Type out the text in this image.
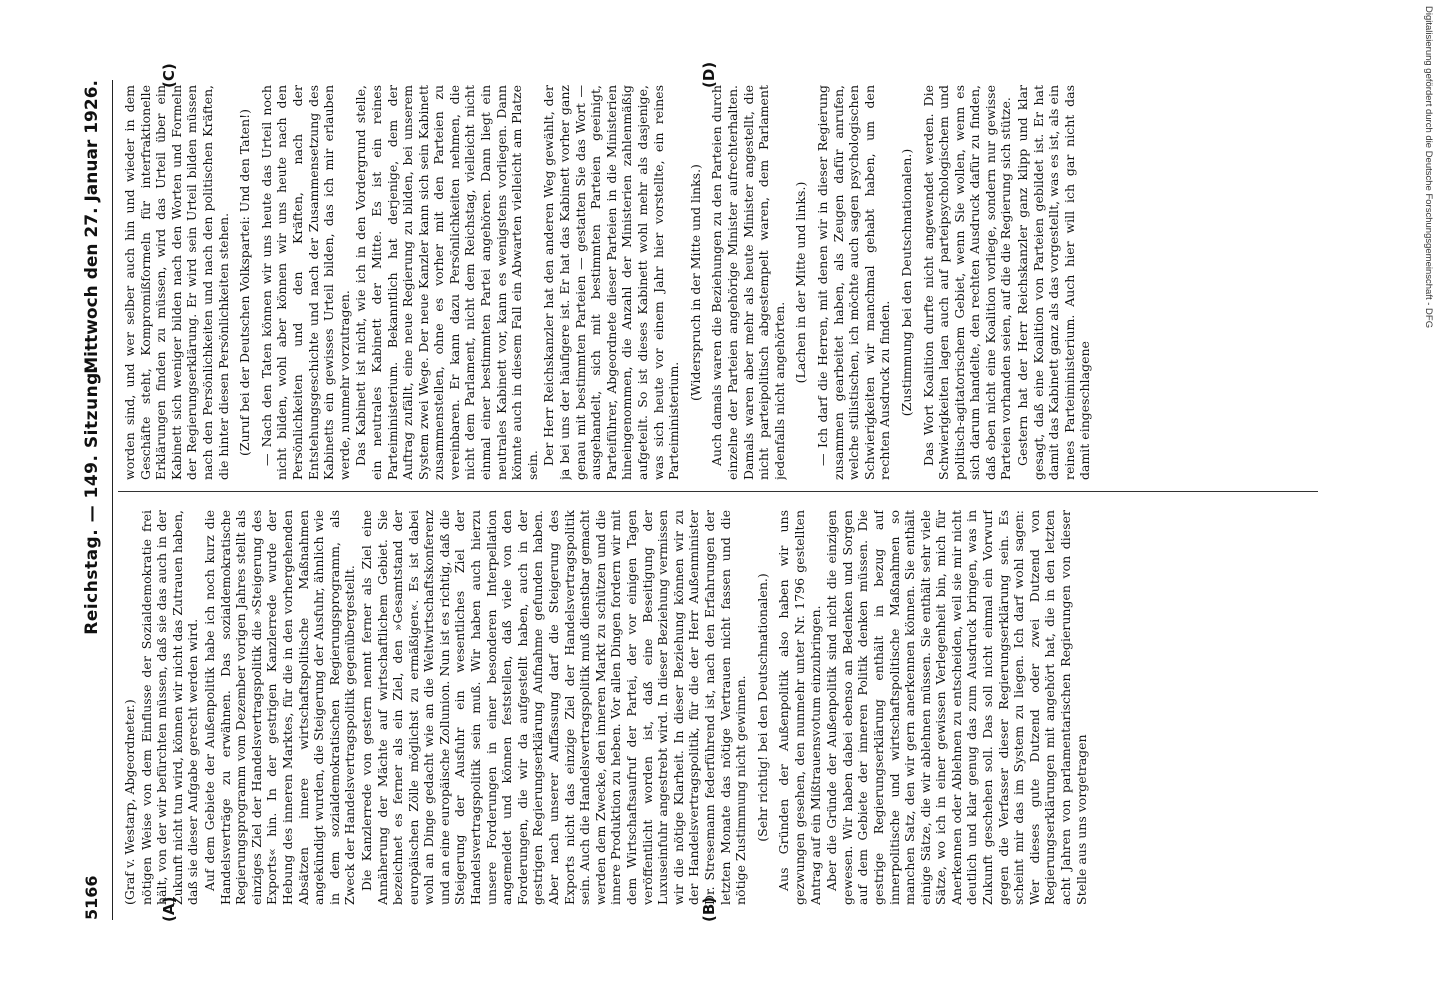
5166
Reichstag. — 149. Sitzung.
Mittwoch den 27. Januar 1926.
(A)	(B)
(C)	(D)

(Graf v. Westarp, Abgeordneter.) nötigen Weise von dem Einflusse der Sozialdemokratie frei hält, von der wir befürchten müssen, daß sie das auch in der Zukunft nicht tun wird, können wir nicht das Zutrauen haben, daß sie dieser Aufgabe gerecht werden wird. Auf dem Gebiete der Außenpolitik habe ich noch kurz die Handelsverträge zu erwähnen. Das sozialdemokratische Regierungsprogramm vom Dezember vorigen Jahres stellt als einziges Ziel der Handelsvertragspolitik die »Steigerung des Exports« hin. In der gestrigen Kanzlerrede wurde der Hebung des inneren Marktes, für die in den vorhergehenden Absätzen innere wirtschaftspolitische Maßnahmen angekündigt wurden, die Steigerung der Ausfuhr, ähnlich wie in dem sozialdemokratischen Regierungsprogramm, als Zweck der Handelsvertragspolitik gegenübergestellt. Die Kanzlerrede von gestern nennt ferner als Ziel eine Annäherung der Mächte auf wirtschaftlichem Gebiet. Sie bezeichnet es ferner als ein Ziel, den »Gesamtstand der europäischen Zölle möglichst zu ermäßigen«. Es ist dabei wohl an Dinge gedacht wie an die Weltwirtschaftskonferenz und an eine europäische Zollunion. Nun ist es richtig, daß die Steigerung der Ausfuhr ein wesentliches Ziel der Handelsvertragspolitik sein muß. Wir haben auch hierzu unsere Forderungen in einer besonderen Interpellation angemeldet und können feststellen, daß viele von den Forderungen, die wir da aufgestellt haben, auch in der gestrigen Regierungserklärung Aufnahme gefunden haben. Aber nach unserer Auffassung darf die Steigerung des Exports nicht das einzige Ziel der Handelsvertragspolitik sein. Auch die Handelsvertragspolitik muß dienstbar gemacht werden dem Zwecke, den inneren Markt zu schützen und die innere Produktion zu heben. Vor allen Dingen fordern wir mit dem Wirtschaftsaufruf der Partei, der vor einigen Tagen veröffentlicht worden ist, daß eine Beseitigung der Luxuseinfuhr angestrebt wird. In dieser Beziehung vermissen wir die nötige Klarheit. In dieser Beziehung können wir zu der Handelsvertragspolitik, für die der Herr Außenminister Dr. Stresemann federführend ist, nach den Erfahrungen der letzten Monate das nötige Vertrauen nicht fassen und die nötige Zustimmung nicht gewinnen. (Sehr richtig! bei den Deutschnationalen.) Aus Gründen der Außenpolitik also haben wir uns gezwungen gesehen, den nunmehr unter Nr. 1796 gestellten Antrag auf ein Mißtrauensvotum einzubringen. Aber die Gründe der Außenpolitik sind nicht die einzigen gewesen. Wir haben dabei ebenso an Bedenken und Sorgen auf dem Gebiete der inneren Politik denken müssen. Die gestrige Regierungserklärung enthält in bezug auf innerpolitische und wirtschaftspolitische Maßnahmen so manchen Satz, den wir gern anerkennen können. Sie enthält einige Sätze, die wir ablehnen müssen. Sie enthält sehr viele Sätze, wo ich in einer gewissen Verlegenheit bin, mich für Anerkennen oder Ablehnen zu entscheiden, weil sie mir nicht deutlich und klar genug das zum Ausdruck bringen, was in Zukunft geschehen soll. Das soll nicht einmal ein Vorwurf gegen die Verfasser dieser Regierungserklärung sein. Es scheint mir das im System zu liegen. Ich darf wohl sagen: Wer dieses gute Dutzend oder zwei Dutzend von Regierungserklärungen mit angehört hat, die in den letzten acht Jahren von parlamentarischen Regierungen von dieser Stelle aus uns vorgetragen

worden sind, und wer selber auch hin und wieder in dem Geschäfte steht, Kompromißformeln für interfraktionelle Erklärungen finden zu müssen, wird das Urteil über ein Kabinett sich weniger bilden nach den Worten und Formeln der Regierungserklärung. Er wird sein Urteil bilden müssen nach den Persönlichkeiten und nach den politischen Kräften, die hinter diesen Persönlichkeiten stehen. (Zuruf bei der Deutschen Volkspartei: Und den Taten!) — Nach den Taten können wir uns heute das Urteil noch nicht bilden, wohl aber können wir uns heute nach den Persönlichkeiten und den Kräften, nach der Entstehungsgeschichte und nach der Zusammensetzung des Kabinetts ein gewisses Urteil bilden, das ich mir erlauben werde, nunmehr vorzutragen. Das Kabinett ist nicht, wie ich in den Vordergrund stelle, ein neutrales Kabinett der Mitte. Es ist ein reines Parteiministerium. Bekanntlich hat derjenige, dem der Auftrag zufällt, eine neue Regierung zu bilden, bei unserem System zwei Wege. Der neue Kanzler kann sich sein Kabinett zusammenstellen, ohne es vorher mit den Parteien zu vereinbaren. Er kann dazu Persönlichkeiten nehmen, die nicht dem Parlament, nicht dem Reichstag, vielleicht nicht einmal einer bestimmten Partei angehören. Dann liegt ein neutrales Kabinett vor, kann es wenigstens vorliegen. Dann könnte auch in diesem Fall ein Abwarten vielleicht am Platze sein. Der Herr Reichskanzler hat den anderen Weg gewählt, der ja bei uns der häufigere ist. Er hat das Kabinett vorher ganz genau mit bestimmten Parteien — gestatten Sie das Wort — ausgehandelt, sich mit bestimmten Parteien geeinigt, Parteiführer, Abgeordnete dieser Parteien in die Ministerien hineingenommen, die Anzahl der Ministerien zahlenmäßig aufgeteilt. So ist dieses Kabinett wohl mehr als dasjenige, was sich heute vor einem Jahr hier vorstellte, ein reines Parteiministerium.

(Widerspruch in der Mitte und links.) Auch damals waren die Beziehungen zu den Parteien durch einzelne der Parteien angehörige Minister aufrechterhalten. Damals waren aber mehr als heute Minister angestellt, die nicht parteipolitisch abgestempelt waren, dem Parlament jedenfalls nicht angehörten.

(Lachen in der Mitte und links.) — Ich darf die Herren, mit denen wir in dieser Regierung zusammen gearbeitet haben, als Zeugen dafür anrufen, welche stilistischen, ich möchte auch sagen psychologischen Schwierigkeiten wir manchmal gehabt haben, um den rechten Ausdruck zu finden. (Zustimmung bei den Deutschnationalen.) Das Wort Koalition durfte nicht angewendet werden. Die Schwierigkeiten lagen auch auf parteipsychologischem und politisch-agitatorischem Gebiet, wenn Sie wollen, wenn es sich darum handelte, den rechten Ausdruck dafür zu finden, daß eben nicht eine Koalition vorliege, sondern nur gewisse Parteien vorhanden seien, auf die die Regierung sich stütze. Gestern hat der Herr Reichskanzler ganz klipp und klar gesagt, daß eine Koalition von Parteien gebildet ist. Er hat damit das Kabinett ganz als das vorgestellt, was es ist, als ein reines Parteiministerium. Auch hier will ich gar nicht das damit eingeschlagene

Digitalisierung gefördert durch die Deutsche Forschungsgemeinschaft - DFG
